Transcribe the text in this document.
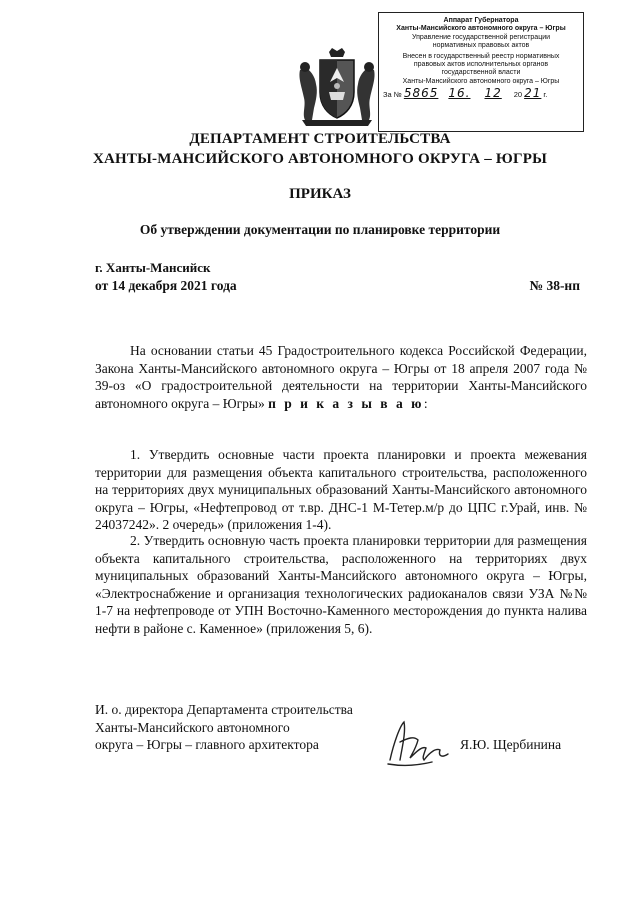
Аппарат Губернатора
Ханты-Мансийского автономного округа – Югры
Управление государственной регистрации
нормативных правовых актов
Внесен в государственный реестр нормативных
правовых актов исполнительных органов
государственной власти
Ханты-Мансийского автономного округа – Югры
За № 5865 16. 12 20 21 г.
ДЕПАРТАМЕНТ СТРОИТЕЛЬСТВА
ХАНТЫ-МАНСИЙСКОГО АВТОНОМНОГО ОКРУГА – ЮГРЫ
ПРИКАЗ
Об утверждении документации по планировке территории
г. Ханты-Мансийск
от 14 декабря 2021 года	№ 38-нп
На основании статьи 45 Градостроительного кодекса Российской Федерации, Закона Ханты-Мансийского автономного округа – Югры от 18 апреля 2007 года № 39-оз «О градостроительной деятельности на территории Ханты-Мансийского автономного округа – Югры» п р и к а з ы в а ю:
1. Утвердить основные части проекта планировки и проекта межевания территории для размещения объекта капитального строительства, расположенного на территориях двух муниципальных образований Ханты-Мансийского автономного округа – Югры, «Нефтепровод от т.вр. ДНС-1 М-Тетер.м/р до ЦПС г.Урай, инв. № 24037242». 2 очередь» (приложения 1-4).
2. Утвердить основную часть проекта планировки территории для размещения объекта капитального строительства, расположенного на территориях двух муниципальных образований Ханты-Мансийского автономного округа – Югры, «Электроснабжение и организация технологических радиоканалов связи УЗА №№ 1-7 на нефтепроводе от УПН Восточно-Каменного месторождения до пункта налива нефти в районе с. Каменное» (приложения 5, 6).
И. о. директора Департамента строительства
Ханты-Мансийского автономного
округа – Югры – главного архитектора	Я.Ю. Щербинина
